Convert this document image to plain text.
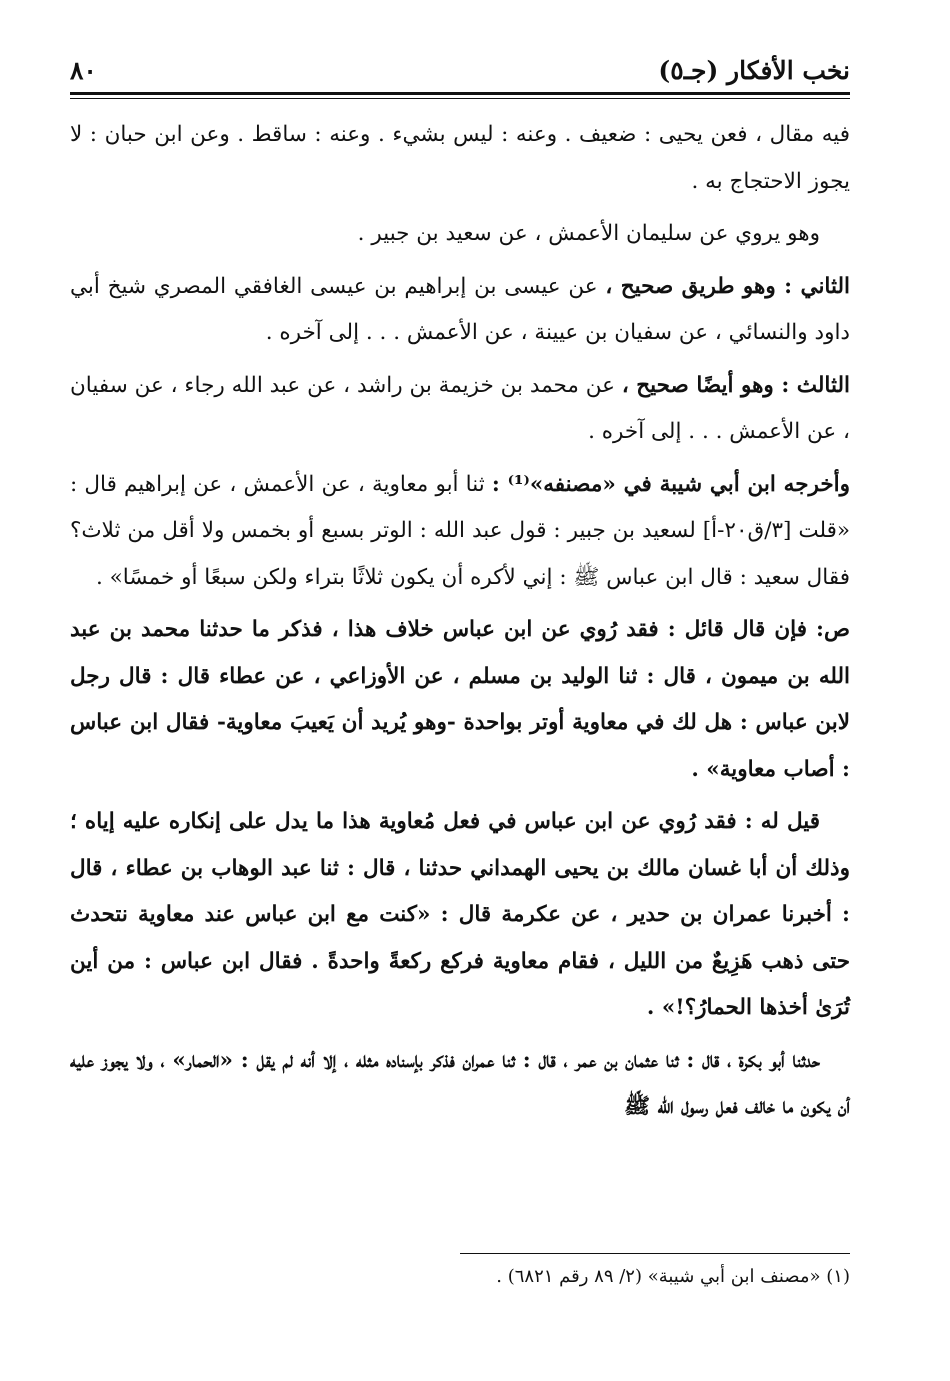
نخب الأفكار (جـ٥)
٨٠

فيه مقال ، فعن يحيى : ضعيف . وعنه : ليس بشيء . وعنه : ساقط . وعن ابن حبان : لا يجوز الاحتجاج به .

وهو يروي عن سليمان الأعمش ، عن سعيد بن جبير .

الثاني : وهو طريق صحيح ، عن عيسى بن إبراهيم بن عيسى الغافقي المصري شيخ أبي داود والنسائي ، عن سفيان بن عيينة ، عن الأعمش . . . إلى آخره .

الثالث : وهو أيضًا صحيح ، عن محمد بن خزيمة بن راشد ، عن عبد الله رجاء ، عن سفيان ، عن الأعمش . . . إلى آخره .

وأخرجه ابن أبي شيبة في «مصنفه»⁽¹⁾ : ثنا أبو معاوية ، عن الأعمش ، عن إبراهيم قال : «قلت [٣/ق٢٠-أ] لسعيد بن جبير : قول عبد الله : الوتر بسبع أو بخمس ولا أقل من ثلاث؟ فقال سعيد : قال ابن عباس ﷺ : إني لأكره أن يكون ثلاثًا بتراء ولكن سبعًا أو خمسًا» .

ص: فإن قال قائل : فقد رُوي عن ابن عباس خلاف هذا ، فذكر ما حدثنا محمد بن عبد الله بن ميمون ، قال : ثنا الوليد بن مسلم ، عن الأوزاعي ، عن عطاء قال : قال رجل لابن عباس : هل لك في معاوية أوتر بواحدة -وهو يُريد أن يَعيبَ معاوية- فقال ابن عباس : أصاب معاوية» .

قيل له : فقد رُوي عن ابن عباس في فعل مُعاوية هذا ما يدل على إنكاره عليه إياه ؛ وذلك أن أبا غسان مالك بن يحيى الهمداني حدثنا ، قال : ثنا عبد الوهاب بن عطاء ، قال : أخبرنا عمران بن حدير ، عن عكرمة قال : «كنت مع ابن عباس عند معاوية نتحدث حتى ذهب هَزِيعٌ من الليل ، فقام معاوية فركع ركعةً واحدةً . فقال ابن عباس : من أين تُرَىٰ أخذها الحمارُ؟!» .

حدثنا أبو بكرة ، قال : ثنا عثمان بن عمر ، قال : ثنا عمران فذكر بإسناده مثله ، إلا أنه لم يقل : «الحمار» ، ولا يجوز عليه أن يكون ما خالف فعل رسول الله ﷺ

(١) «مصنف ابن أبي شيبة» (٢/ ٨٩ رقم ٦٨٢١) .
